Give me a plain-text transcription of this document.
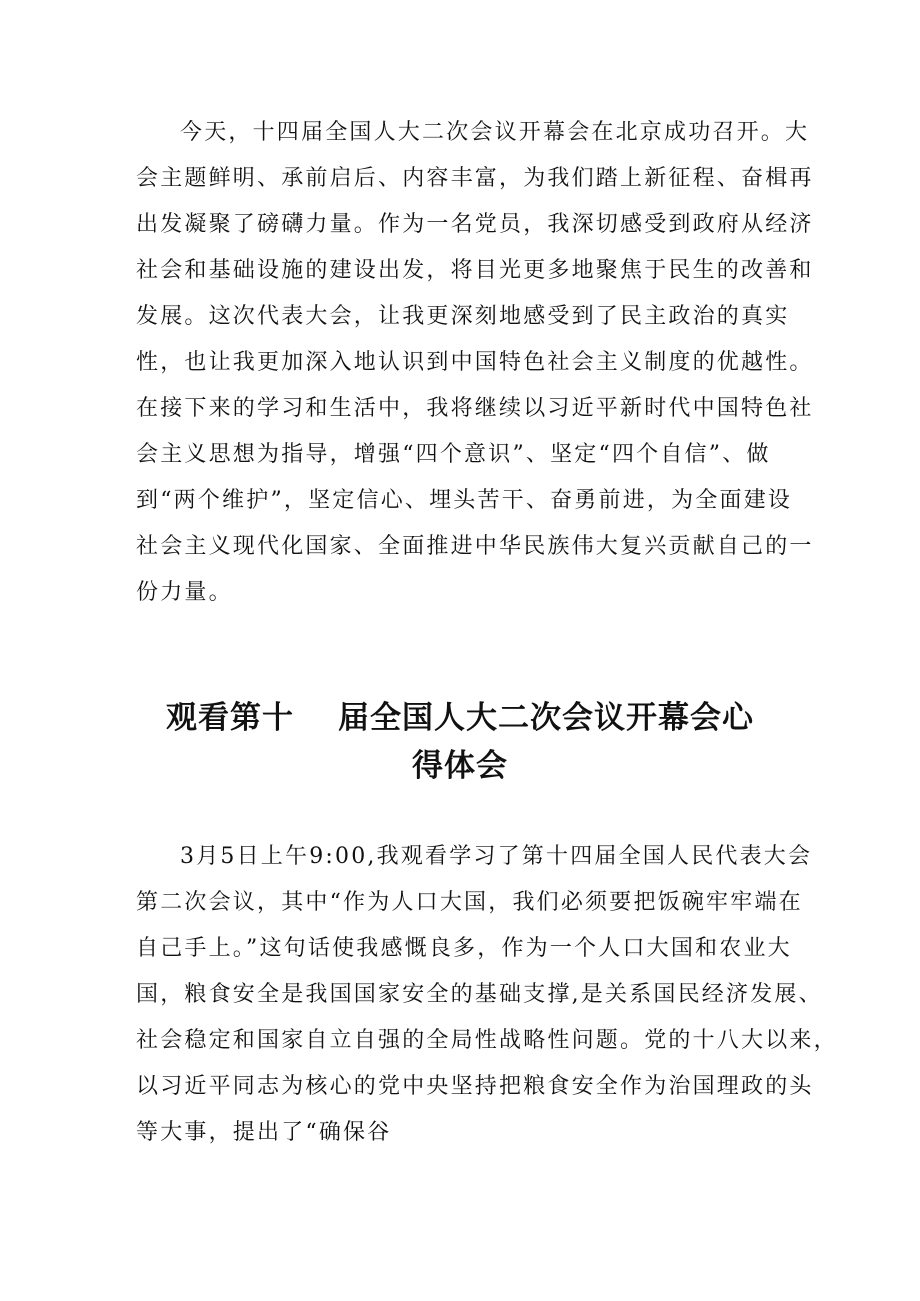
今天，十四届全国人大二次会议开幕会在北京成功召开。大
会主题鲜明、承前启后、内容丰富，为我们踏上新征程、奋楫再
出发凝聚了磅礴力量。作为一名党员，我深切感受到政府从经济
社会和基础设施的建设出发，将目光更多地聚焦于民生的改善和
发展。这次代表大会，让我更深刻地感受到了民主政治的真实
性，也让我更加深入地认识到中国特色社会主义制度的优越性。
在接下来的学习和生活中，我将继续以习近平新时代中国特色社
会主义思想为指导，增强“四个意识”、坚定“四个自信”、做
到“两个维护”，坚定信心、埋头苦干、奋勇前进，为全面建设
社会主义现代化国家、全面推进中华民族伟大复兴贡献自己的一
份力量。
观看第十 届全国人大二次会议开幕会心
得体会
3月5日上午9:00,我观看学习了第十四届全国人民代表大会
第二次会议，其中“作为人口大国，我们必须要把饭碗牢牢端在
自己手上。”这句话使我感慨良多，作为一个人口大国和农业大
国，粮食安全是我国国家安全的基础支撑,是关系国民经济发展、
社会稳定和国家自立自强的全局性战略性问题。党的十八大以来，
以习近平同志为核心的党中央坚持把粮食安全作为治国理政的头
等大事，提出了“确保谷
